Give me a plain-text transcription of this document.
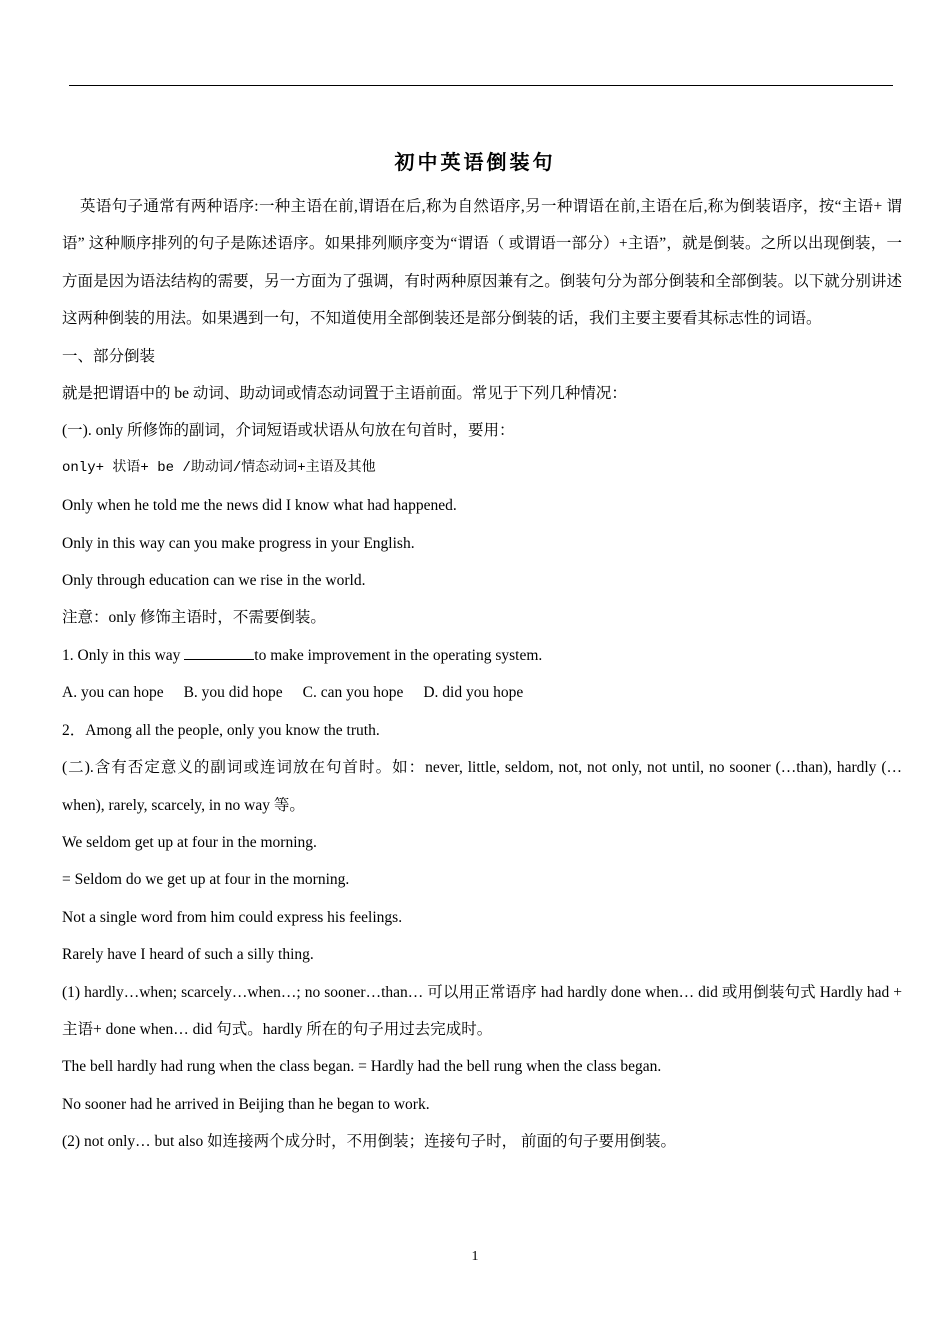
初中英语倒装句

英语句子通常有两种语序:一种主语在前,谓语在后,称为自然语序,另一种谓语在前,主语在后,称为倒装语序，按“主语+ 谓语” 这种顺序排列的句子是陈述语序。如果排列顺序变为“谓语（ 或谓语一部分）+主语”，就是倒装。之所以出现倒装，一方面是因为语法结构的需要，另一方面为了强调，有时两种原因兼有之。倒装句分为部分倒装和全部倒装。以下就分别讲述这两种倒装的用法。如果遇到一句，不知道使用全部倒装还是部分倒装的话，我们主要主要看其标志性的词语。

一、部分倒装

就是把谓语中的 be 动词、助动词或情态动词置于主语前面。常见于下列几种情况：

(一). only 所修饰的副词，介词短语或状语从句放在句首时，要用：

only+ 状语+ be /助动词/情态动词+主语及其他

Only when he told me the news did I know what had happened.

Only in this way can you make progress in your English.

Only through education can we rise in the world.

注意：only 修饰主语时，不需要倒装。

1. Only in this way	to make improvement in the operating system.

A. you can hope B. you did hope C. can you hope D. did you hope

2．Among all the people, only you know the truth.

(二).含有否定意义的副词或连词放在句首时。如：never, little, seldom, not, not only, not until, no sooner (…than), hardly (…when), rarely, scarcely, in no way 等。

We seldom get up at four in the morning.

= Seldom do we get up at four in the morning.

Not a single word from him could express his feelings.

Rarely have I heard of such a silly thing.

(1) hardly…when; scarcely…when…; no sooner…than… 可以用正常语序 had hardly done when… did 或用倒装句式 Hardly had + 主语+ done when… did 句式。hardly 所在的句子用过去完成时。

The bell hardly had rung when the class began. = Hardly had the bell rung when the class began.

No sooner had he arrived in Beijing than he began to work.

(2) not only… but also 如连接两个成分时，不用倒装；连接句子时， 前面的句子要用倒装。

1
